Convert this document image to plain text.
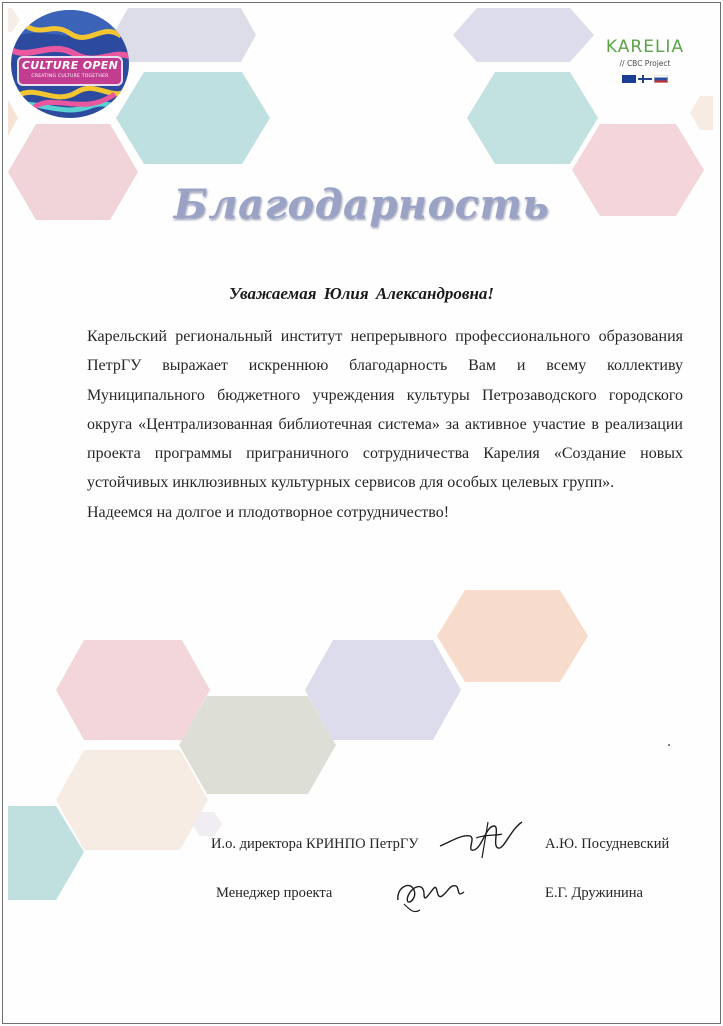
CULTURE OPEN
CREATING CULTURE TOGETHER
KARELIA
// CBC Project
Благодарность
Уважаемая Юлия Александровна!

Карельский региональный институт непрерывного профессионального образования ПетрГУ выражает искреннюю благодарность Вам и всему коллективу Муниципального бюджетного учреждения культуры Петрозаводского городского округа «Централизованная библиотечная система» за активное участие в реализации проекта программы приграничного сотрудничества Карелия «Создание новых устойчивых инклюзивных культурных сервисов для особых целевых групп».

Надеемся на долгое и плодотворное сотрудничество!
И.о. директора КРИНПО ПетрГУ	А.Ю. Посудневский
Менеджер проекта	Е.Г. Дружинина
